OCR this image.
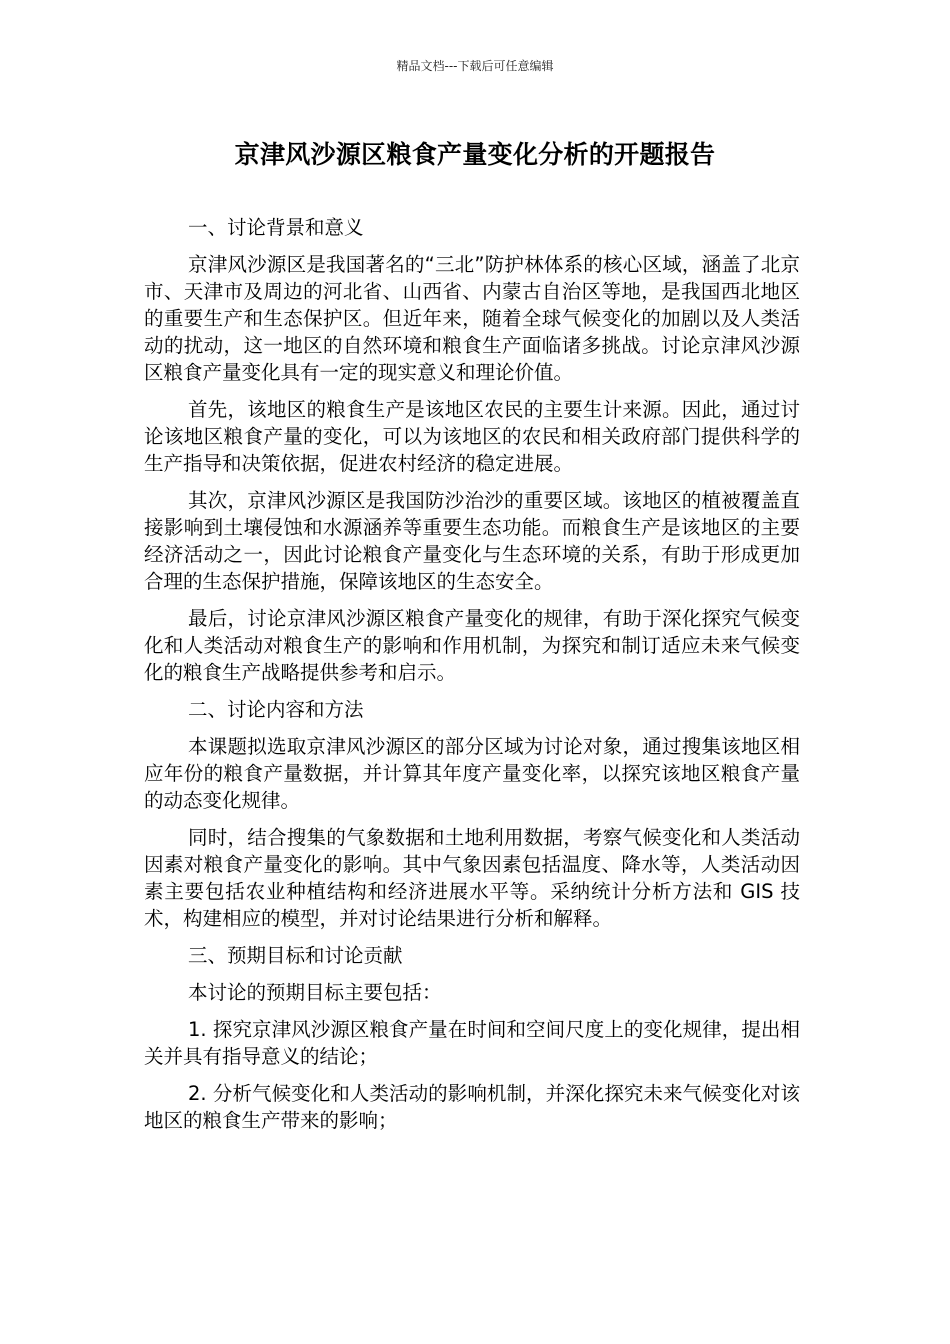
精品文档---下载后可任意编辑
京津风沙源区粮食产量变化分析的开题报告

一、讨论背景和意义

京津风沙源区是我国著名的“三北”防护林体系的核心区域，涵盖了北京市、天津市及周边的河北省、山西省、内蒙古自治区等地，是我国西北地区的重要生产和生态保护区。但近年来，随着全球气候变化的加剧以及人类活动的扰动，这一地区的自然环境和粮食生产面临诸多挑战。讨论京津风沙源区粮食产量变化具有一定的现实意义和理论价值。

首先，该地区的粮食生产是该地区农民的主要生计来源。因此，通过讨论该地区粮食产量的变化，可以为该地区的农民和相关政府部门提供科学的生产指导和决策依据，促进农村经济的稳定进展。

其次，京津风沙源区是我国防沙治沙的重要区域。该地区的植被覆盖直接影响到土壤侵蚀和水源涵养等重要生态功能。而粮食生产是该地区的主要经济活动之一，因此讨论粮食产量变化与生态环境的关系，有助于形成更加合理的生态保护措施，保障该地区的生态安全。

最后，讨论京津风沙源区粮食产量变化的规律，有助于深化探究气候变化和人类活动对粮食生产的影响和作用机制，为探究和制订适应未来气候变化的粮食生产战略提供参考和启示。

二、讨论内容和方法

本课题拟选取京津风沙源区的部分区域为讨论对象，通过搜集该地区相应年份的粮食产量数据，并计算其年度产量变化率，以探究该地区粮食产量的动态变化规律。

同时，结合搜集的气象数据和土地利用数据，考察气候变化和人类活动因素对粮食产量变化的影响。其中气象因素包括温度、降水等，人类活动因素主要包括农业种植结构和经济进展水平等。采纳统计分析方法和 GIS 技术，构建相应的模型，并对讨论结果进行分析和解释。

三、预期目标和讨论贡献

本讨论的预期目标主要包括：

1. 探究京津风沙源区粮食产量在时间和空间尺度上的变化规律，提出相关并具有指导意义的结论；

2. 分析气候变化和人类活动的影响机制，并深化探究未来气候变化对该地区的粮食生产带来的影响；
